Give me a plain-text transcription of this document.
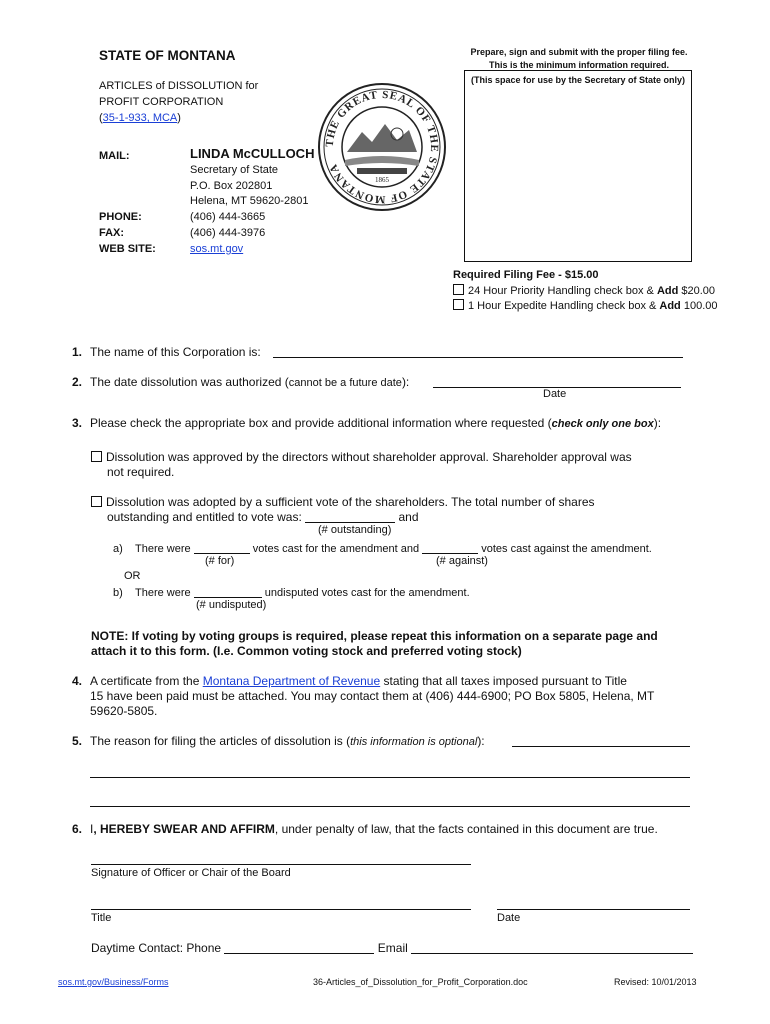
STATE OF MONTANA
ARTICLES of DISSOLUTION for
PROFIT CORPORATION
(35-1-933, MCA)
THE GREAT SEAL OF THE STATE OF MONTANA
1865
Prepare, sign and submit with the proper filing fee.
This is the minimum information required.
(This space for use by the Secretary of State only)
MAIL:	LINDA McCULLOCH
Secretary of State
P.O. Box 202801
Helena, MT 59620-2801
PHONE:	(406) 444-3665
FAX:	(406) 444-3976
WEB SITE:	sos.mt.gov
Required Filing Fee - $15.00
24 Hour Priority Handling check box & Add $20.00
1 Hour Expedite Handling check box & Add 100.00
1. The name of this Corporation is:
2. The date dissolution was authorized (cannot be a future date):
Date
3. Please check the appropriate box and provide additional information where requested (check only one box):
Dissolution was approved by the directors without shareholder approval. Shareholder approval was
not required.
Dissolution was adopted by a sufficient vote of the shareholders. The total number of shares
outstanding and entitled to vote was:	and
(# outstanding)
a) There were	votes cast for the amendment and	votes cast against the amendment.
(# for)	(# against)
OR
b) There were	undisputed votes cast for the amendment.
(# undisputed)
NOTE: If voting by voting groups is required, please repeat this information on a separate page and
attach it to this form. (I.e. Common voting stock and preferred voting stock)
4. A certificate from the Montana Department of Revenue stating that all taxes imposed pursuant to Title
15 have been paid must be attached. You may contact them at (406) 444-6900; PO Box 5805, Helena, MT
59620-5805.
5. The reason for filing the articles of dissolution is (this information is optional):
6. I, HEREBY SWEAR AND AFFIRM, under penalty of law, that the facts contained in this document are true.
Signature of Officer or Chair of the Board
Title	Date
Daytime Contact: Phone	Email
sos.mt.gov/Business/Forms	36-Articles_of_Dissolution_for_Profit_Corporation.doc	Revised: 10/01/2013
